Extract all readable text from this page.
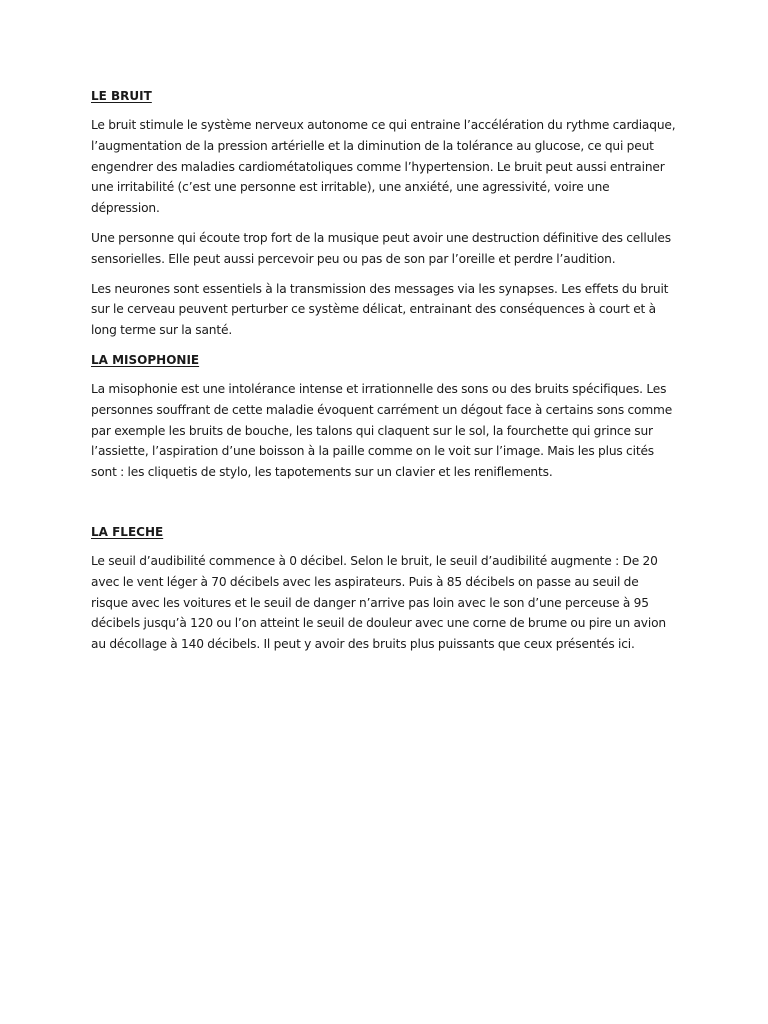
LE BRUIT

Le bruit stimule le système nerveux autonome ce qui entraine l’accélération du rythme cardiaque, l’augmentation de la pression artérielle et la diminution de la tolérance au glucose, ce qui peut engendrer des maladies cardiométatoliques comme l’hypertension. Le bruit peut aussi entrainer une irritabilité (c’est une personne est irritable), une anxiété, une agressivité, voire une dépression.

Une personne qui écoute trop fort de la musique peut avoir une destruction définitive des cellules sensorielles. Elle peut aussi percevoir peu ou pas de son par l’oreille et perdre l’audition.

Les neurones sont essentiels à la transmission des messages via les synapses. Les effets du bruit sur le cerveau peuvent perturber ce système délicat, entrainant des conséquences à court et à long terme sur la santé.

LA MISOPHONIE

La misophonie est une intolérance intense et irrationnelle des sons ou des bruits spécifiques. Les personnes souffrant de cette maladie évoquent carrément un dégout face à certains sons comme par exemple les bruits de bouche, les talons qui claquent sur le sol, la fourchette qui grince sur l’assiette, l’aspiration d’une boisson à la paille comme on le voit sur l’image. Mais les plus cités sont : les cliquetis de stylo, les tapotements sur un clavier et les reniflements.

LA FLECHE

Le seuil d’audibilité commence à 0 décibel. Selon le bruit, le seuil d’audibilité augmente : De 20 avec le vent léger à 70 décibels avec les aspirateurs. Puis à 85 décibels on passe au seuil de risque avec les voitures et le seuil de danger n’arrive pas loin avec le son d’une perceuse à 95 décibels jusqu’à 120 ou l’on atteint le seuil de douleur avec une corne de brume ou pire un avion au décollage à 140 décibels. Il peut y avoir des bruits plus puissants que ceux présentés ici.
